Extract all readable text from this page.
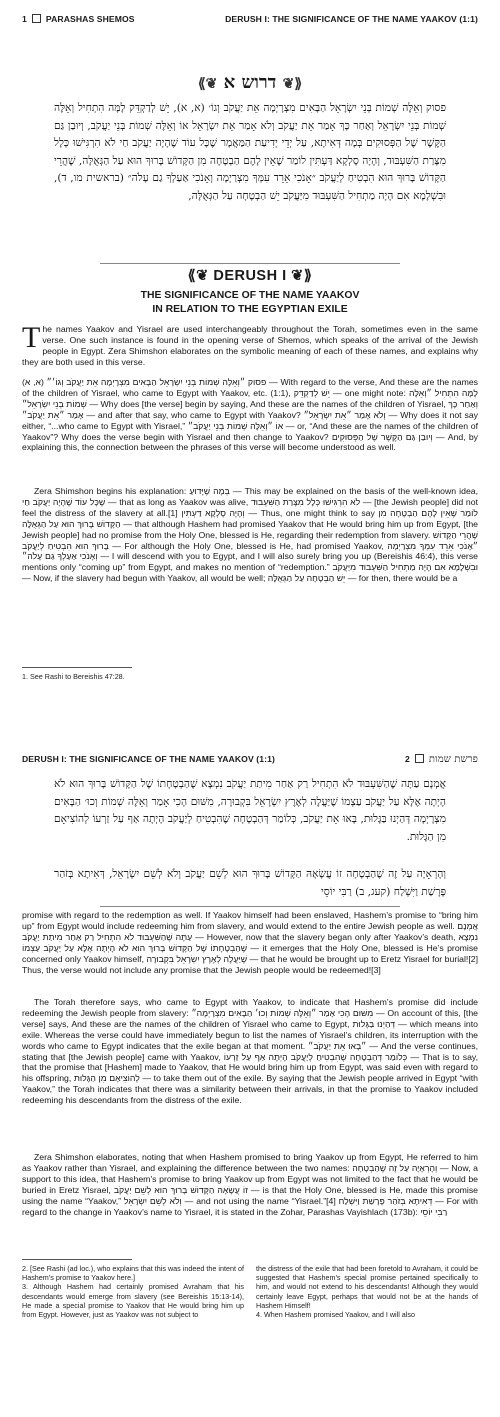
1 PARASHAS SHEMOS	DERUSH I: THE SIGNIFICANCE OF THE NAME YAAKOV (1:1)
⟪❦ דרוש א ❦⟫

פסוק וְאֵלֶּה שְׁמוֹת בְּנֵי יִשְׂרָאֵל הַבָּאִים מִצְרָיְמָה אֵת יַעֲקֹב וְגוֹ׳ (א, א), יֵשׁ לְדַקְדֵּק לָמָּה הִתְחִיל וְאֵלֶּה שְׁמוֹת בְּנֵי יִשְׂרָאֵל וְאַחַר כָּךְ אָמַר אֵת יַעֲקֹב וְלֹא אָמַר אֵת יִשְׂרָאֵל אוֹ וְאֵלֶּה שְׁמוֹת בְּנֵי יַעֲקֹב, וְיוּבַן גַּם הַקֶּשֶׁר שֶׁל הַפְּסוּקִים בְּמָה דְּאִיתָא, עַל יְדֵי יְדִיעַת הַמַּאֲמָר שֶׁכָּל עוֹד שֶׁהָיָה יַעֲקֹב חַי לֹא הִרְגִּישׁוּ כְּלָל מִצָּרַת הַשִּׁעְבּוּד, וְהָיָה סָלְקָא דַּעְתִּין לוֹמַר שֶׁאֵין לָהֶם הַבְטָחָה מִן הַקָּדוֹשׁ בָּרוּךְ הוּא עַל הַגְּאֻלָּה, שֶׁהֲרֵי הַקָּדוֹשׁ בָּרוּךְ הוּא הִבְטִיחַ לְיַעֲקֹב ״אָנֹכִי אֵרֵד עִמְּךָ מִצְרַיְמָה וְאָנֹכִי אַעַלְךָ גַם עָלֹה״ (בראשית מו, ד), וּבִשְׁלָמָא אִם הָיָה מַתְחִיל הַשִּׁעְבּוּד מִיַּעֲקֹב יֵשׁ הַבְטָחָה עַל הַגְּאֻלָּה,

⟪❦ DERUSH I ❦⟫
THE SIGNIFICANCE OF THE NAME YAAKOV
IN RELATION TO THE EGYPTIAN EXILE

The names Yaakov and Yisrael are used interchangeably throughout the Torah, sometimes even in the same verse. One such instance is found in the opening verse of Shemos, which speaks of the arrival of the Jewish people in Egypt. Zera Shimshon elaborates on the symbolic meaning of each of these names, and explains why they are both used in this verse.

פסוק ״וְאֵלֶּה שְׁמוֹת בְּנֵי יִשְׂרָאֵל הַבָּאִים מִצְרָיְמָה אֵת יַעֲקֹב וְגוֹ׳״ (א, א) — With regard to the verse, And these are the names of the children of Yisrael, who came to Egypt with Yaakov, etc. (1:1), יֵשׁ לְדַקְדֵּק — one might note: לָמָּה הִתְחִיל ״וְאֵלֶּה שְׁמוֹת בְּנֵי יִשְׂרָאֵל״ — Why does [the verse] begin by saying, And these are the names of the children of Yisrael, וְאַחַר כָּךְ אָמַר ״אֵת יַעֲקֹב״ — and after that say, who came to Egypt with Yaakov? וְלֹא אָמַר ״אֵת יִשְׂרָאֵל״ — Why does it not say either, “...who came to Egypt with Yisrael,” אוֹ ״וְאֵלֶּה שְׁמוֹת בְּנֵי יַעֲקֹב״ — or, “And these are the names of the children of Yaakov”? Why does the verse begin with Yisrael and then change to Yaakov? וְיוּבַן גַּם הַקֶּשֶׁר שֶׁל הַפְּסוּקִים — And, by explaining this, the connection between the phrases of this verse will become understood as well.

Zera Shimshon begins his explanation: בְּמָה שֶׁיָּדוּעַ — This may be explained on the basis of the well-known idea, שֶׁכָּל עוֹד שֶׁהָיָה יַעֲקֹב חַי — that as long as Yaakov was alive, לֹא הִרְגִּישׁוּ כְּלָל מִצָּרַת הַשִּׁעְבּוּד — [the Jewish people] did not feel the distress of the slavery at all.[1] וְהָיָה סָלְקָא דַּעְתִּין — Thus, one might think to say לוֹמַר שֶׁאֵין לָהֶם הַבְטָחָה מִן הַקָּדוֹשׁ בָּרוּךְ הוּא עַל הַגְּאֻלָּה — that although Hashem had promised Yaakov that He would bring him up from Egypt, [the Jewish people] had no promise from the Holy One, blessed is He, regarding their redemption from slavery. שֶׁהֲרֵי הַקָּדוֹשׁ בָּרוּךְ הוּא הִבְטִיחַ לְיַעֲקֹב — For although the Holy One, blessed is He, had promised Yaakov, ״אָנֹכִי אֵרֵד עִמְּךָ מִצְרַיְמָה וְאָנֹכִי אַעַלְךָ גַם עָלֹה״ — I will descend with you to Egypt, and I will also surely bring you up (Bereishis 46:4), this verse mentions only “coming up” from Egypt, and makes no mention of “redemption.” וּבִשְׁלָמָא אִם הָיָה מַתְחִיל הַשִּׁעְבּוּד מִיַּעֲקֹב — Now, if the slavery had begun with Yaakov, all would be well; יֵשׁ הַבְטָחָה עַל הַגְּאֻלָּה — for then, there would be a

1. See Rashi to Bereishis 47:28.

DERUSH I: THE SIGNIFICANCE OF THE NAME YAAKOV (1:1)	פרשת שמות2

אֲמְנָם עַתָּה שֶׁהַשִּׁעְבּוּד לֹא הִתְחִיל רַק אַחַר מִיתַת יַעֲקֹב נִמְצָא שֶׁהַבְטָחָתוֹ שֶׁל הַקָּדוֹשׁ בָּרוּךְ הוּא לֹא הָיְתָה אֶלָּא עַל יַעֲקֹב עַצְמוֹ שֶׁיַּעֲלֶה לְאֶרֶץ יִשְׂרָאֵל בִּקְבוּרָה, מִשּׁוּם הָכִי אָמַר וְאֵלֶּה שְׁמוֹת וְכוּ׳ הַבָּאִים מִצְרָיְמָה דְּהַיְנוּ בַּגָּלוּת, בָּאוּ אֵת יַעֲקֹב, כְּלוֹמַר דְּהַבְטָחָה שֶׁהִבְטִיחַ לְיַעֲקֹב הָיְתָה אַף עַל זַרְעוֹ לְהוֹצִיאָם מִן הַגָּלוּת.

וְהָרְאָיָה עַל זֶה שֶׁהַבְטָחָה זוֹ עֲשָׂאָהּ הַקָּדוֹשׁ בָּרוּךְ הוּא לְשֵׁם יַעֲקֹב וְלֹא לְשֵׁם יִשְׂרָאֵל, דְּאִיתָא בְּזֹהַר פָּרָשַׁת וַיִּשְׁלַח (קעג, ב) רַבִּי יוֹסֵי

promise with regard to the redemption as well. If Yaakov himself had been enslaved, Hashem’s promise to “bring him up” from Egypt would include redeeming him from slavery, and would extend to the entire Jewish people as well. אֲמְנָם עַתָּה שֶׁהַשִּׁעְבּוּד לֹא הִתְחִיל רַק אַחַר מִיתַת יַעֲקֹב — However, now that the slavery began only after Yaakov’s death, נִמְצָא שֶׁהַבְטָחָתוֹ שֶׁל הַקָּדוֹשׁ בָּרוּךְ הוּא לֹא הָיְתָה אֶלָּא עַל יַעֲקֹב עַצְמוֹ — it emerges that the Holy One, blessed is He’s promise concerned only Yaakov himself, שֶׁיַּעֲלֶה לְאֶרֶץ יִשְׂרָאֵל בִּקְבוּרָה — that he would be brought up to Eretz Yisrael for burial![2] Thus, the verse would not include any promise that the Jewish people would be redeemed![3]

The Torah therefore says, who came to Egypt with Yaakov, to indicate that Hashem’s promise did include redeeming the Jewish people from slavery: מִשּׁוּם הָכִי אָמַר ״וְאֵלֶּה שְׁמוֹת וְכוּ׳ הַבָּאִים מִצְרָיְמָה״ — On account of this, [the verse] says, And these are the names of the children of Yisrael who came to Egypt, דְּהַיְנוּ בַּגָּלוּת — which means into exile. Whereas the verse could have immediately begun to list the names of Yisrael’s children, its interruption with the words who came to Egypt indicates that the exile began at that moment. ״בָּאוּ אֵת יַעֲקֹב״ — And the verse continues, stating that [the Jewish people] came with Yaakov, כְּלוֹמַר דְּהַבְטָחָה שֶׁהִבְטִיחַ לְיַעֲקֹב הָיְתָה אַף עַל זַרְעוֹ — That is to say, that the promise that [Hashem] made to Yaakov, that He would bring him up from Egypt, was said even with regard to his offspring, לְהוֹצִיאָם מִן הַגָּלוּת — to take them out of the exile. By saying that the Jewish people arrived in Egypt “with Yaakov,” the Torah indicates that there was a similarity between their arrivals, in that the promise to Yaakov included redeeming his descendants from the distress of the exile.

Zera Shimshon elaborates, noting that when Hashem promised to bring Yaakov up from Egypt, He referred to him as Yaakov rather than Yisrael, and explaining the difference between the two names: וְהָרְאָיָה עַל זֶה שֶׁהַבְטָחָה — Now, a support to this idea, that Hashem’s promise to bring Yaakov up from Egypt was not limited to the fact that he would be buried in Eretz Yisrael, זוֹ עֲשָׂאָהּ הַקָּדוֹשׁ בָּרוּךְ הוּא לְשֵׁם יַעֲקֹב — is that the Holy One, blessed is He, made this promise using the name “Yaakov,” וְלֹא לְשֵׁם יִשְׂרָאֵל — and not using the name “Yisrael.”[4] דְּאִיתָא בְּזֹהַר פָּרָשַׁת וַיִּשְׁלַח — For with regard to the change in Yaakov’s name to Yisrael, it is stated in the Zohar, Parashas Vayishlach (173b): רַבִּי יוֹסֵי

2. [See Rashi (ad loc.), who explains that this was indeed the intent of Hashem’s promise to Yaakov here.]

3. Although Hashem had certainly promised Avraham that his descendants would emerge from slavery (see Bereishis 15:13-14), He made a special promise to Yaakov that He would bring him up from Egypt. However, just as Yaakov was not subject to

the distress of the exile that had been foretold to Avraham, it could be suggested that Hashem’s special promise pertained specifically to him, and would not extend to his descendants! Although they would certainly leave Egypt, perhaps that would not be at the hands of Hashem Himself!

4. When Hashem promised Yaakov, and I will also
